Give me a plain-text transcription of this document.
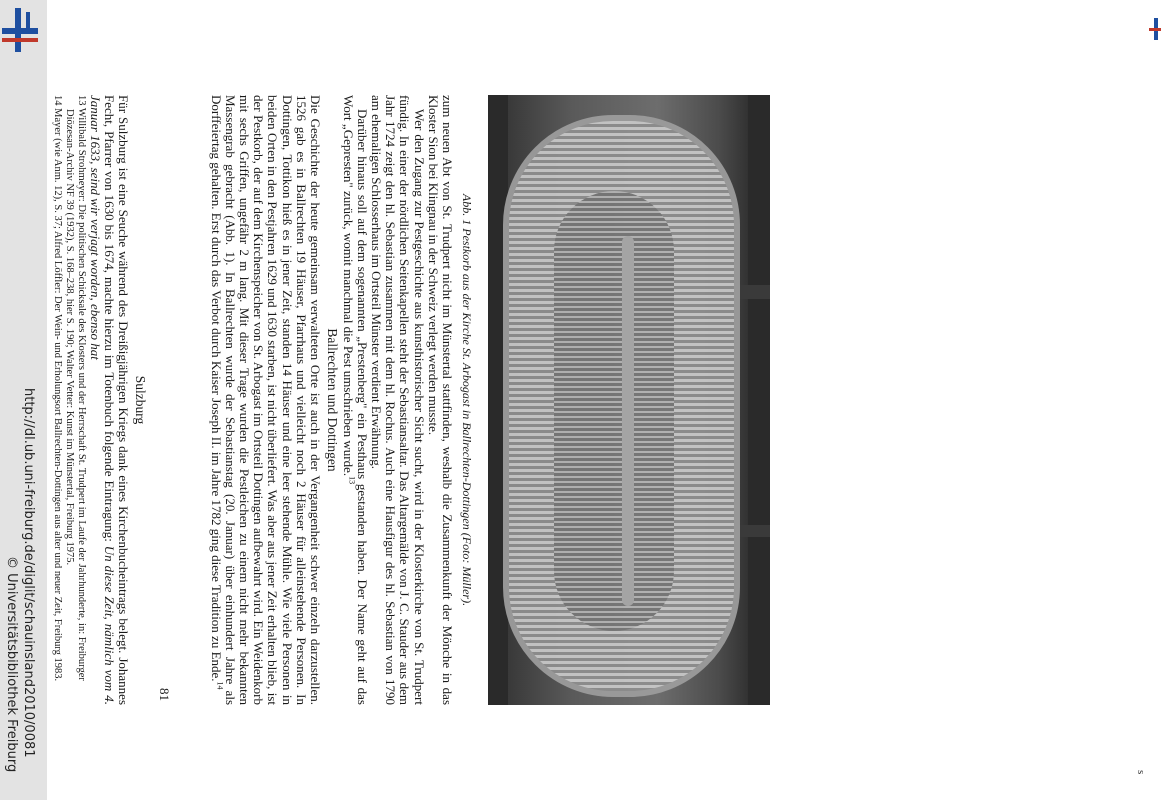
http://dl.ub.uni-freiburg.de/diglit/schauinsland2010/0081
© Universitätsbibliothek Freiburg	s
Abb. 1 Pestkorb aus der Kirche St. Arbogast in Ballrechten-Dottingen (Foto: Müller).

zum neuen Abt von St. Trudpert nicht im Münstertal stattfinden, weshalb die Zusammenkunft der Mönche in das Kloster Sion bei Klingnau in der Schweiz verlegt werden musste.

Wer den Zugang zur Pestgeschichte aus kunsthistorischer Sicht sucht, wird in der Klosterkirche von St. Trudpert fündig. In einer der nördlichen Seitenkapellen steht der Sebastiansaltar. Das Altargemälde von J. C. Stauder aus dem Jahr 1724 zeigt den hl. Sebastian zusammen mit dem hl. Rochus. Auch eine Hausfigur des hl. Sebastian von 1790 am ehemaligen Schlosserhaus im Ortsteil Münster verdient Erwähnung.

Darüber hinaus soll auf dem sogenannten „Prestenberg" ein Pesthaus gestanden haben. Der Name geht auf das Wort „Gepresten" zurück, womit manchmal die Pest umschrieben wurde.$^{13}$

Ballrechten und Dottingen

Die Geschichte der heute gemeinsam verwalteten Orte ist auch in der Vergangenheit schwer einzeln darzustellen. 1526 gab es in Ballrechten 19 Häuser, Pfarrhaus und vielleicht noch 2 Häuser für alleinstehende Personen. In Dottingen, Tottikon hieß es in jener Zeit, standen 14 Häuser und eine leer stehende Mühle. Wie viele Personen in beiden Orten in den Pestjahren 1629 und 1630 starben, ist nicht überliefert. Was aber aus jener Zeit erhalten blieb, ist der Pestkorb, der auf dem Kirchenspeicher von St. Arbogast im Ortsteil Dottingen aufbewahrt wird. Ein Weidenkorb mit sechs Griffen, ungefähr 2 m lang. Mit dieser Trage wurden die Pestleichen zu einem nicht mehr bekannten Massengrab gebracht (Abb. 1). In Ballrechten wurde der Sebastianstag (20. Januar) über einhundert Jahre als Dorffeiertag gehalten. Erst durch das Verbot durch Kaiser Joseph II. im Jahre 1782 ging diese Tradition zu Ende.$^{14}$

Sulzburg

Für Sulzburg ist eine Seuche während des Dreißigjährigen Kriegs dank eines Kirchenbucheintrags belegt. Johannes Fecht, Pfarrer von 1630 bis 1674, machte hierzu im Totenbuch folgende Eintragung: Un diese Zeit, nämlich vom 4. Januar 1633, seind wir verjagt worden, ebenso hat

13 Willibald Strohmeyer: Die politischen Schicksale des Klosters und der Herrschaft St. Trudpert im Laufe der Jahrhunderte, in: Freiburger Diözesan-Archiv NF 39 (1932), S. 168–238, hier S. 190; Walter Vetter: Kunst im Münstertal, Freiburg 1975.

14 Mayer (wie Anm. 12), S. 37; Alfred Löffler: Der Wein- und Erholungsort Ballrechten-Dottingen aus alter und neuer Zeit, Freiburg 1983.

81
